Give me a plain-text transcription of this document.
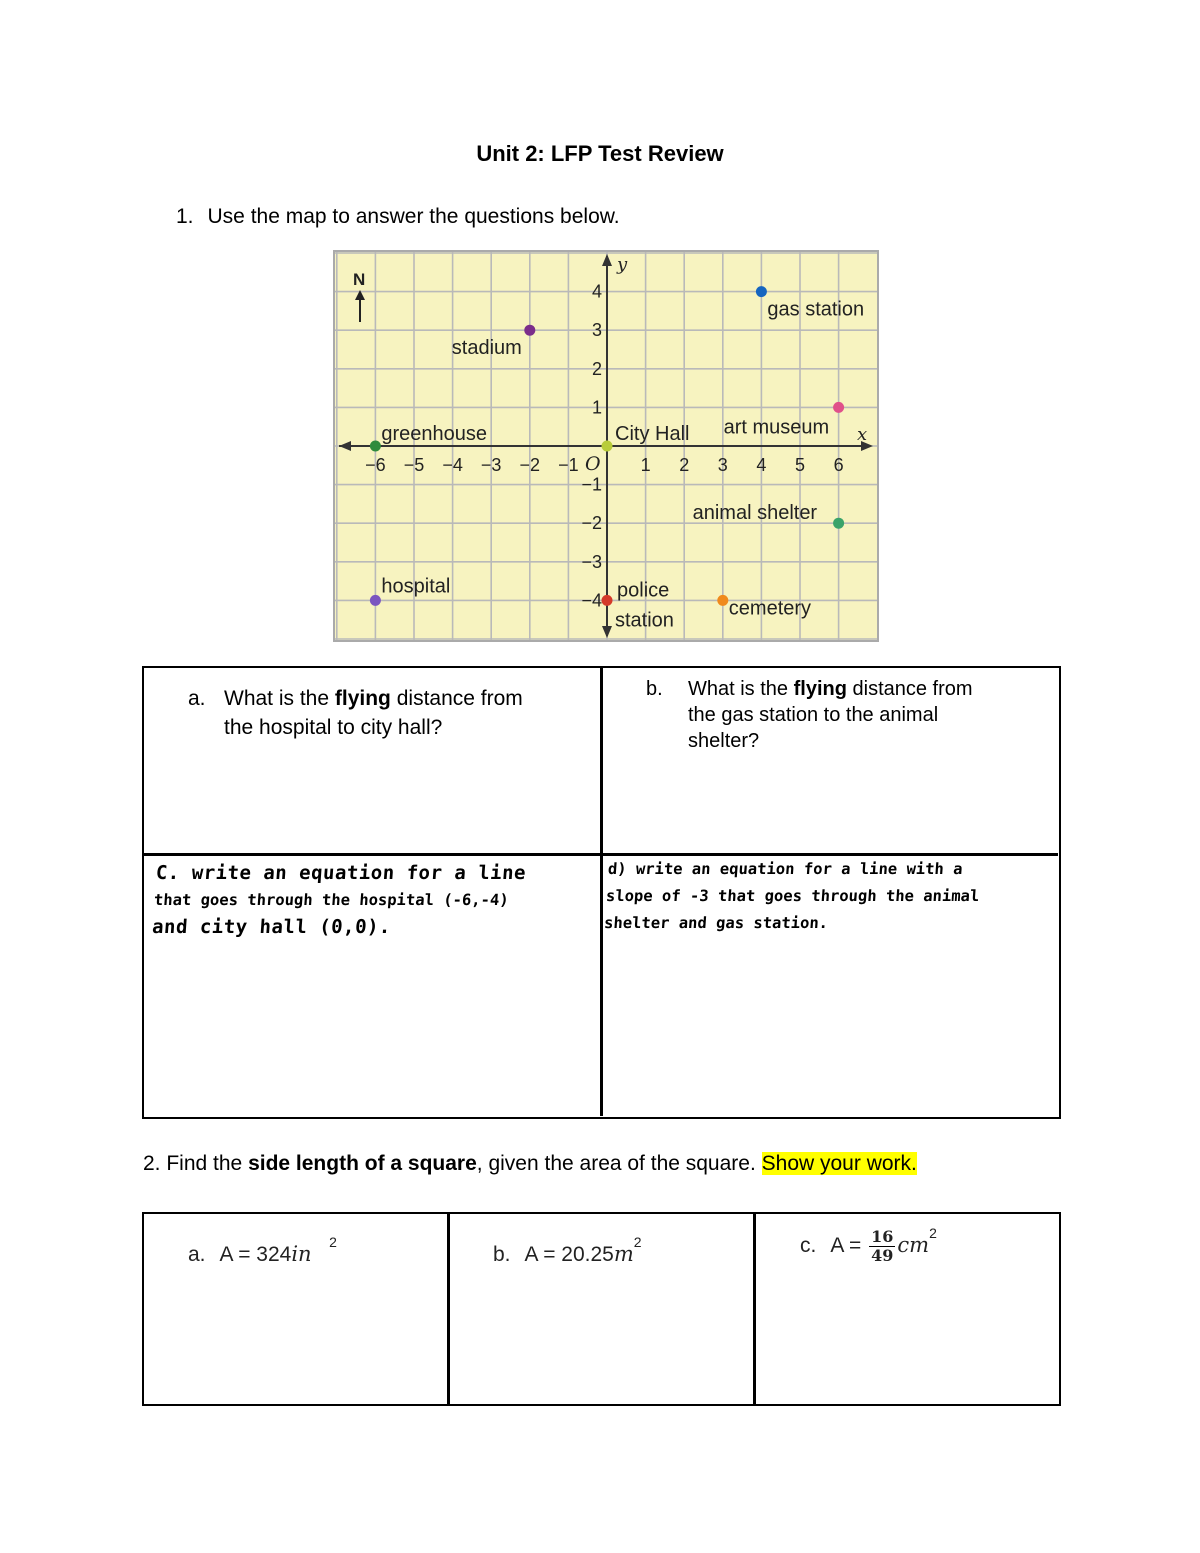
Unit 2: LFP Test Review
1. Use the map to answer the questions below.
N
y
x
O
−6 −5 −4 −3 −2 −1	1 2 3 4 5 6
4
3
2
1
−1
−2
−3
−4
gas station
stadium
art museum
greenhouse	City Hall
animal shelter
hospital	police
station
cemetery
a. What is the flying distance from
the hospital to city hall?
b. What is the flying distance from
the gas station to the animal
shelter?
C. write an equation for a line
that goes through the hospital (-6,-4)
and city hall (0,0).
d) write an equation for a line with a
slope of -3 that goes through the animal
shelter and gas station.
2. Find the side length of a square, given the area of the square. Show your work.
a. A = 324in $^2$
b. $A = 20.25m^2$	c. $A = \frac{16}{49} cm^2$
